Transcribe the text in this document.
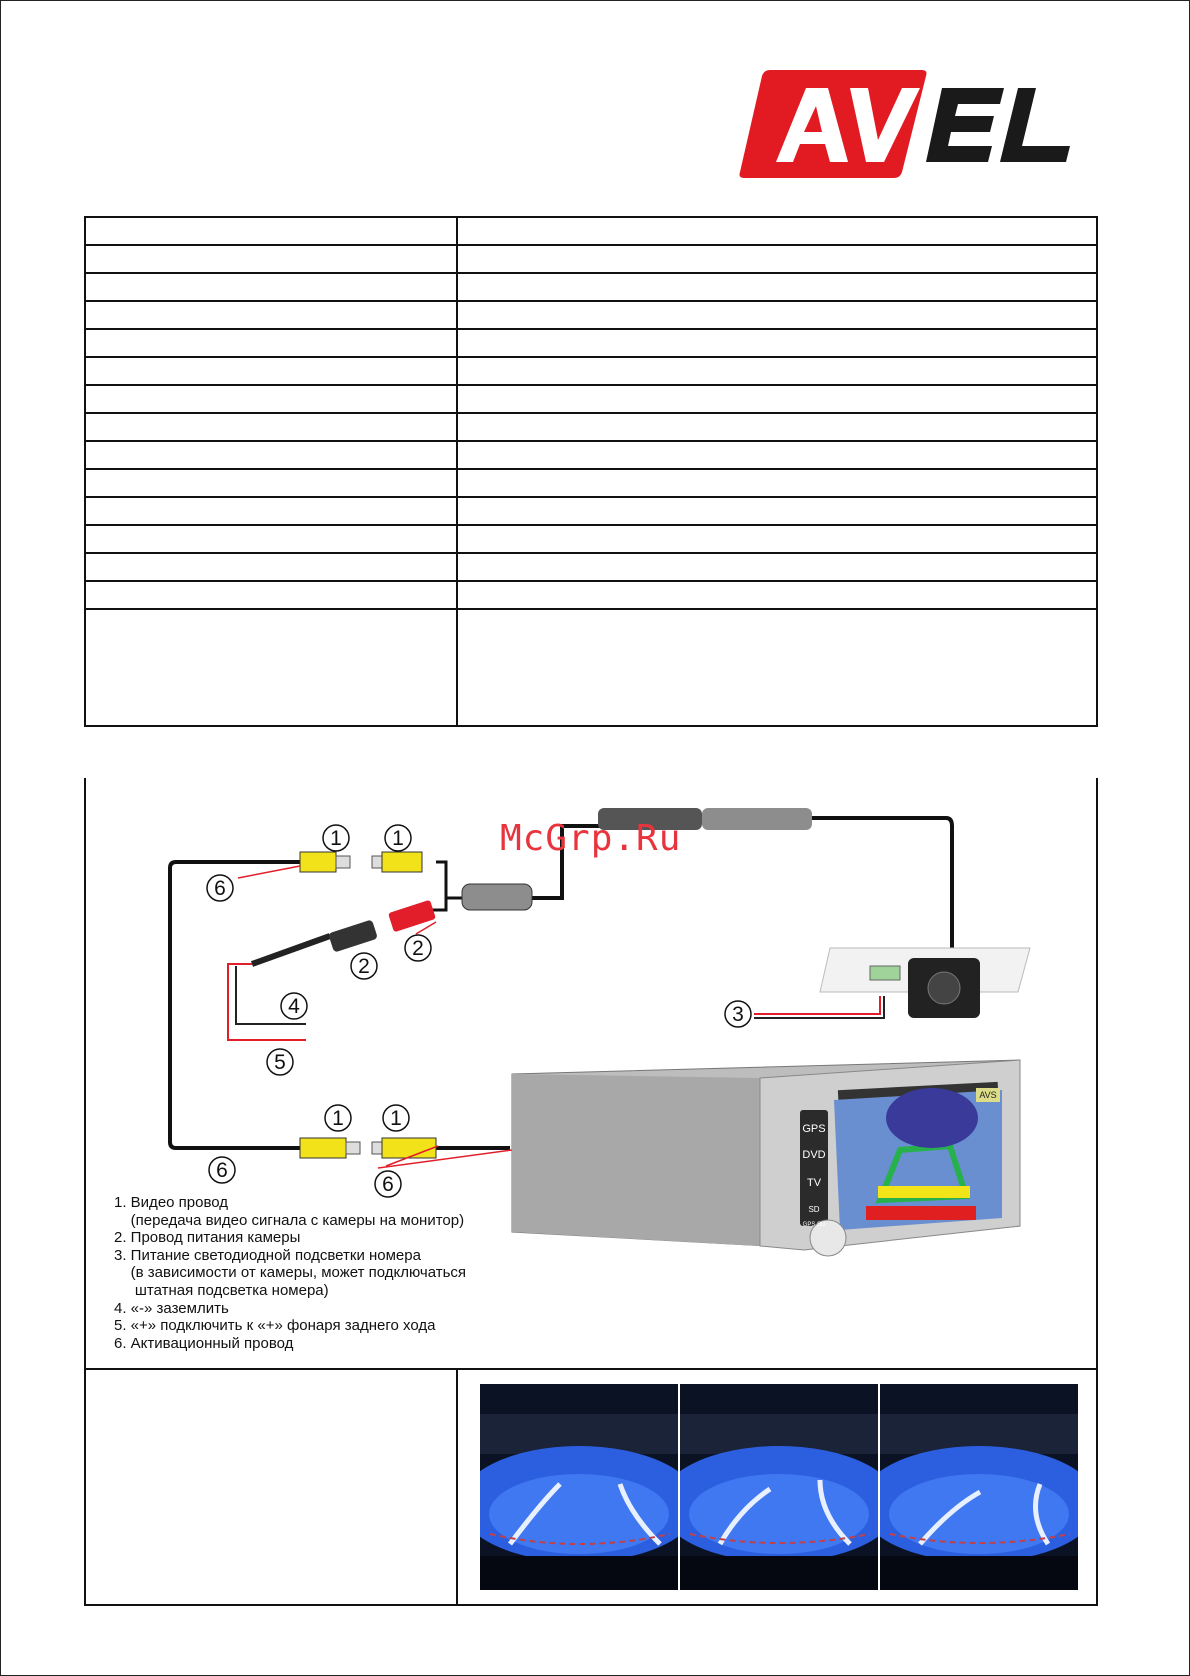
GPS
DVD
TV
SD
GPS SD
AVS
1 1
6
2
2
4
5
3
1 1
6
6
McGrp.Ru
1. Видео провод
(передача видео сигнала с камеры на монитор)
2. Провод питания камеры
3. Питание светодиодной подсветки номера
(в зависимости от камеры, может подключаться
штатная подсветка номера)
4. «-» заземлить
5. «+» подключить к «+» фонаря заднего хода
6. Активационный провод
